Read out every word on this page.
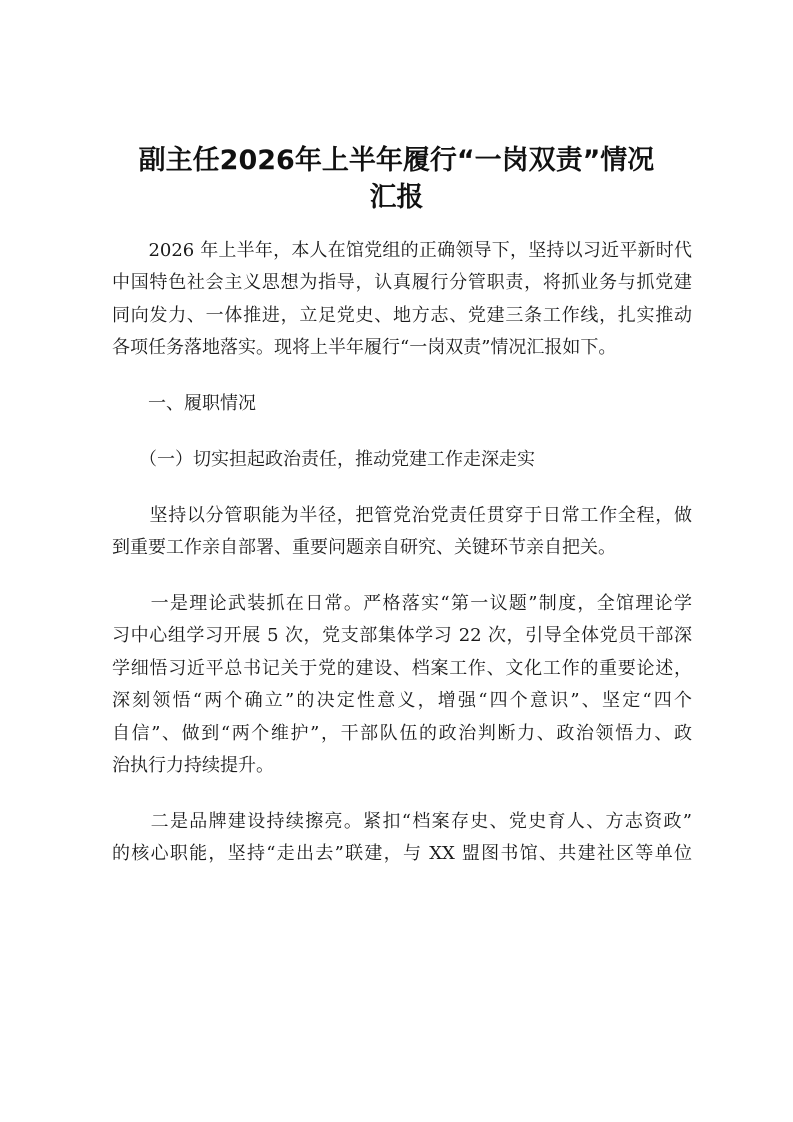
副主任2026年上半年履行“一岗双责”情况
汇报
　　2026 年上半年，本人在馆党组的正确领导下，坚持以习近平新时代
中国特色社会主义思想为指导，认真履行分管职责，将抓业务与抓党建
同向发力、一体推进，立足党史、地方志、党建三条工作线，扎实推动
各项任务落地落实。现将上半年履行“一岗双责”情况汇报如下。
　　一、履职情况
　　（一）切实担起政治责任，推动党建工作走深走实
　　坚持以分管职能为半径，把管党治党责任贯穿于日常工作全程，做
到重要工作亲自部署、重要问题亲自研究、关键环节亲自把关。
　　一是理论武装抓在日常。严格落实“第一议题”制度，全馆理论学
习中心组学习开展 5 次，党支部集体学习 22 次，引导全体党员干部深
学细悟习近平总书记关于党的建设、档案工作、文化工作的重要论述，
深刻领悟“两个确立”的决定性意义，增强“四个意识”、坚定“四个
自信”、做到“两个维护”，干部队伍的政治判断力、政治领悟力、政
治执行力持续提升。
　　二是品牌建设持续擦亮。紧扣“档案存史、党史育人、方志资政”
的核心职能，坚持“走出去”联建，与 XX 盟图书馆、共建社区等单位
